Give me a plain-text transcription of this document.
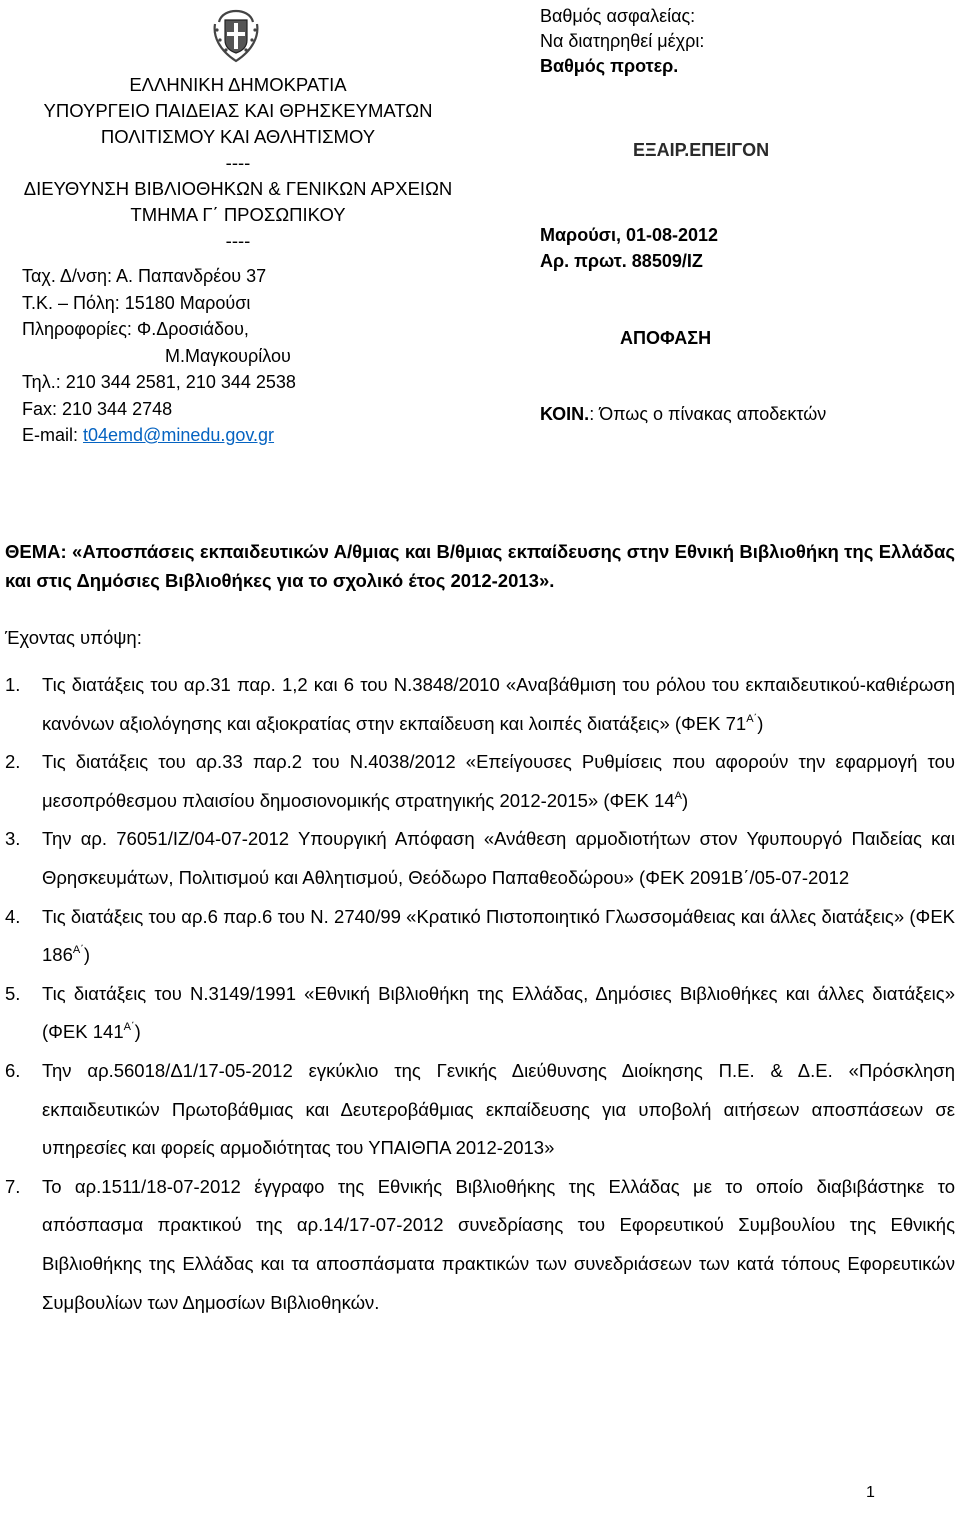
ΕΛΛΗΝΙΚΗ ΔΗΜΟΚΡΑΤΙΑ
ΥΠΟΥΡΓΕΙΟ ΠΑΙΔΕΙΑΣ ΚΑΙ ΘΡΗΣΚΕΥΜΑΤΩΝ
ΠΟΛΙΤΙΣΜΟΥ ΚΑΙ ΑΘΛΗΤΙΣΜΟΥ
----
ΔΙΕΥΘΥΝΣΗ ΒΙΒΛΙΟΘΗΚΩΝ & ΓΕΝΙΚΩΝ ΑΡΧΕΙΩΝ
ΤΜΗΜΑ Γ΄ ΠΡΟΣΩΠΙΚΟΥ
----
Ταχ. Δ/νση: Α. Παπανδρέου 37
Τ.Κ. – Πόλη: 15180 Μαρούσι
Πληροφορίες: Φ.Δροσιάδου,
Μ.Μαγκουρίλου
Τηλ.: 210 344 2581, 210 344 2538
Fax: 210 344 2748
E-mail: t04emd@minedu.gov.gr
Βαθμός ασφαλείας:
Να διατηρηθεί μέχρι:
Βαθμός προτερ.
ΕΞΑΙΡ.ΕΠΕΙΓΟΝ
Μαρούσι, 01-08-2012
Αρ. πρωτ. 88509/ΙΖ
ΑΠΟΦΑΣΗ
ΚΟΙΝ.: Όπως ο πίνακας αποδεκτών
ΘΕΜΑ: «Αποσπάσεις εκπαιδευτικών Α/θμιας και Β/θμιας εκπαίδευσης στην Εθνική Βιβλιοθήκη της Ελλάδας και στις Δημόσιες Βιβλιοθήκες για το σχολικό έτος 2012-2013».
Έχοντας υπόψη:
1. Τις διατάξεις του αρ.31 παρ. 1,2 και 6 του Ν.3848/2010 «Αναβάθμιση του ρόλου του εκπαιδευτικού-καθιέρωση κανόνων αξιολόγησης και αξιοκρατίας στην εκπαίδευση και λοιπές διατάξεις» (ΦΕΚ $71^{A΄}$)
2. Τις διατάξεις του αρ.33 παρ.2 του Ν.4038/2012 «Επείγουσες Ρυθμίσεις που αφορούν την εφαρμογή του μεσοπρόθεσμου πλαισίου δημοσιονομικής στρατηγικής 2012-2015» (ΦΕΚ $14^A$)
3. Την αρ. 76051/ΙΖ/04-07-2012 Υπουργική Απόφαση «Ανάθεση αρμοδιοτήτων στον Υφυπουργό Παιδείας και Θρησκευμάτων, Πολιτισμού και Αθλητισμού, Θεόδωρο Παπαθεοδώρου» (ΦΕΚ 2091Β΄/05-07-2012
4. Τις διατάξεις του αρ.6 παρ.6 του Ν. 2740/99 «Κρατικό Πιστοποιητικό Γλωσσομάθειας και άλλες διατάξεις» (ΦΕΚ $186^{A΄}$)
5. Τις διατάξεις του Ν.3149/1991 «Εθνική Βιβλιοθήκη της Ελλάδας, Δημόσιες Βιβλιοθήκες και άλλες διατάξεις» (ΦΕΚ $141^{A΄}$)
6. Την αρ.56018/Δ1/17-05-2012 εγκύκλιο της Γενικής Διεύθυνσης Διοίκησης Π.Ε. & Δ.Ε. «Πρόσκληση εκπαιδευτικών Πρωτοβάθμιας και Δευτεροβάθμιας εκπαίδευσης για υποβολή αιτήσεων αποσπάσεων σε υπηρεσίες και φορείς αρμοδιότητας του ΥΠΑΙΘΠΑ 2012-2013»
7. Το αρ.1511/18-07-2012 έγγραφο της Εθνικής Βιβλιοθήκης της Ελλάδας με το οποίο διαβιβάστηκε το απόσπασμα πρακτικού της αρ.14/17-07-2012 συνεδρίασης του Εφορευτικού Συμβουλίου της Εθνικής Βιβλιοθήκης της Ελλάδας και τα αποσπάσματα πρακτικών των συνεδριάσεων των κατά τόπους Εφορευτικών Συμβουλίων των Δημοσίων Βιβλιοθηκών.
1
